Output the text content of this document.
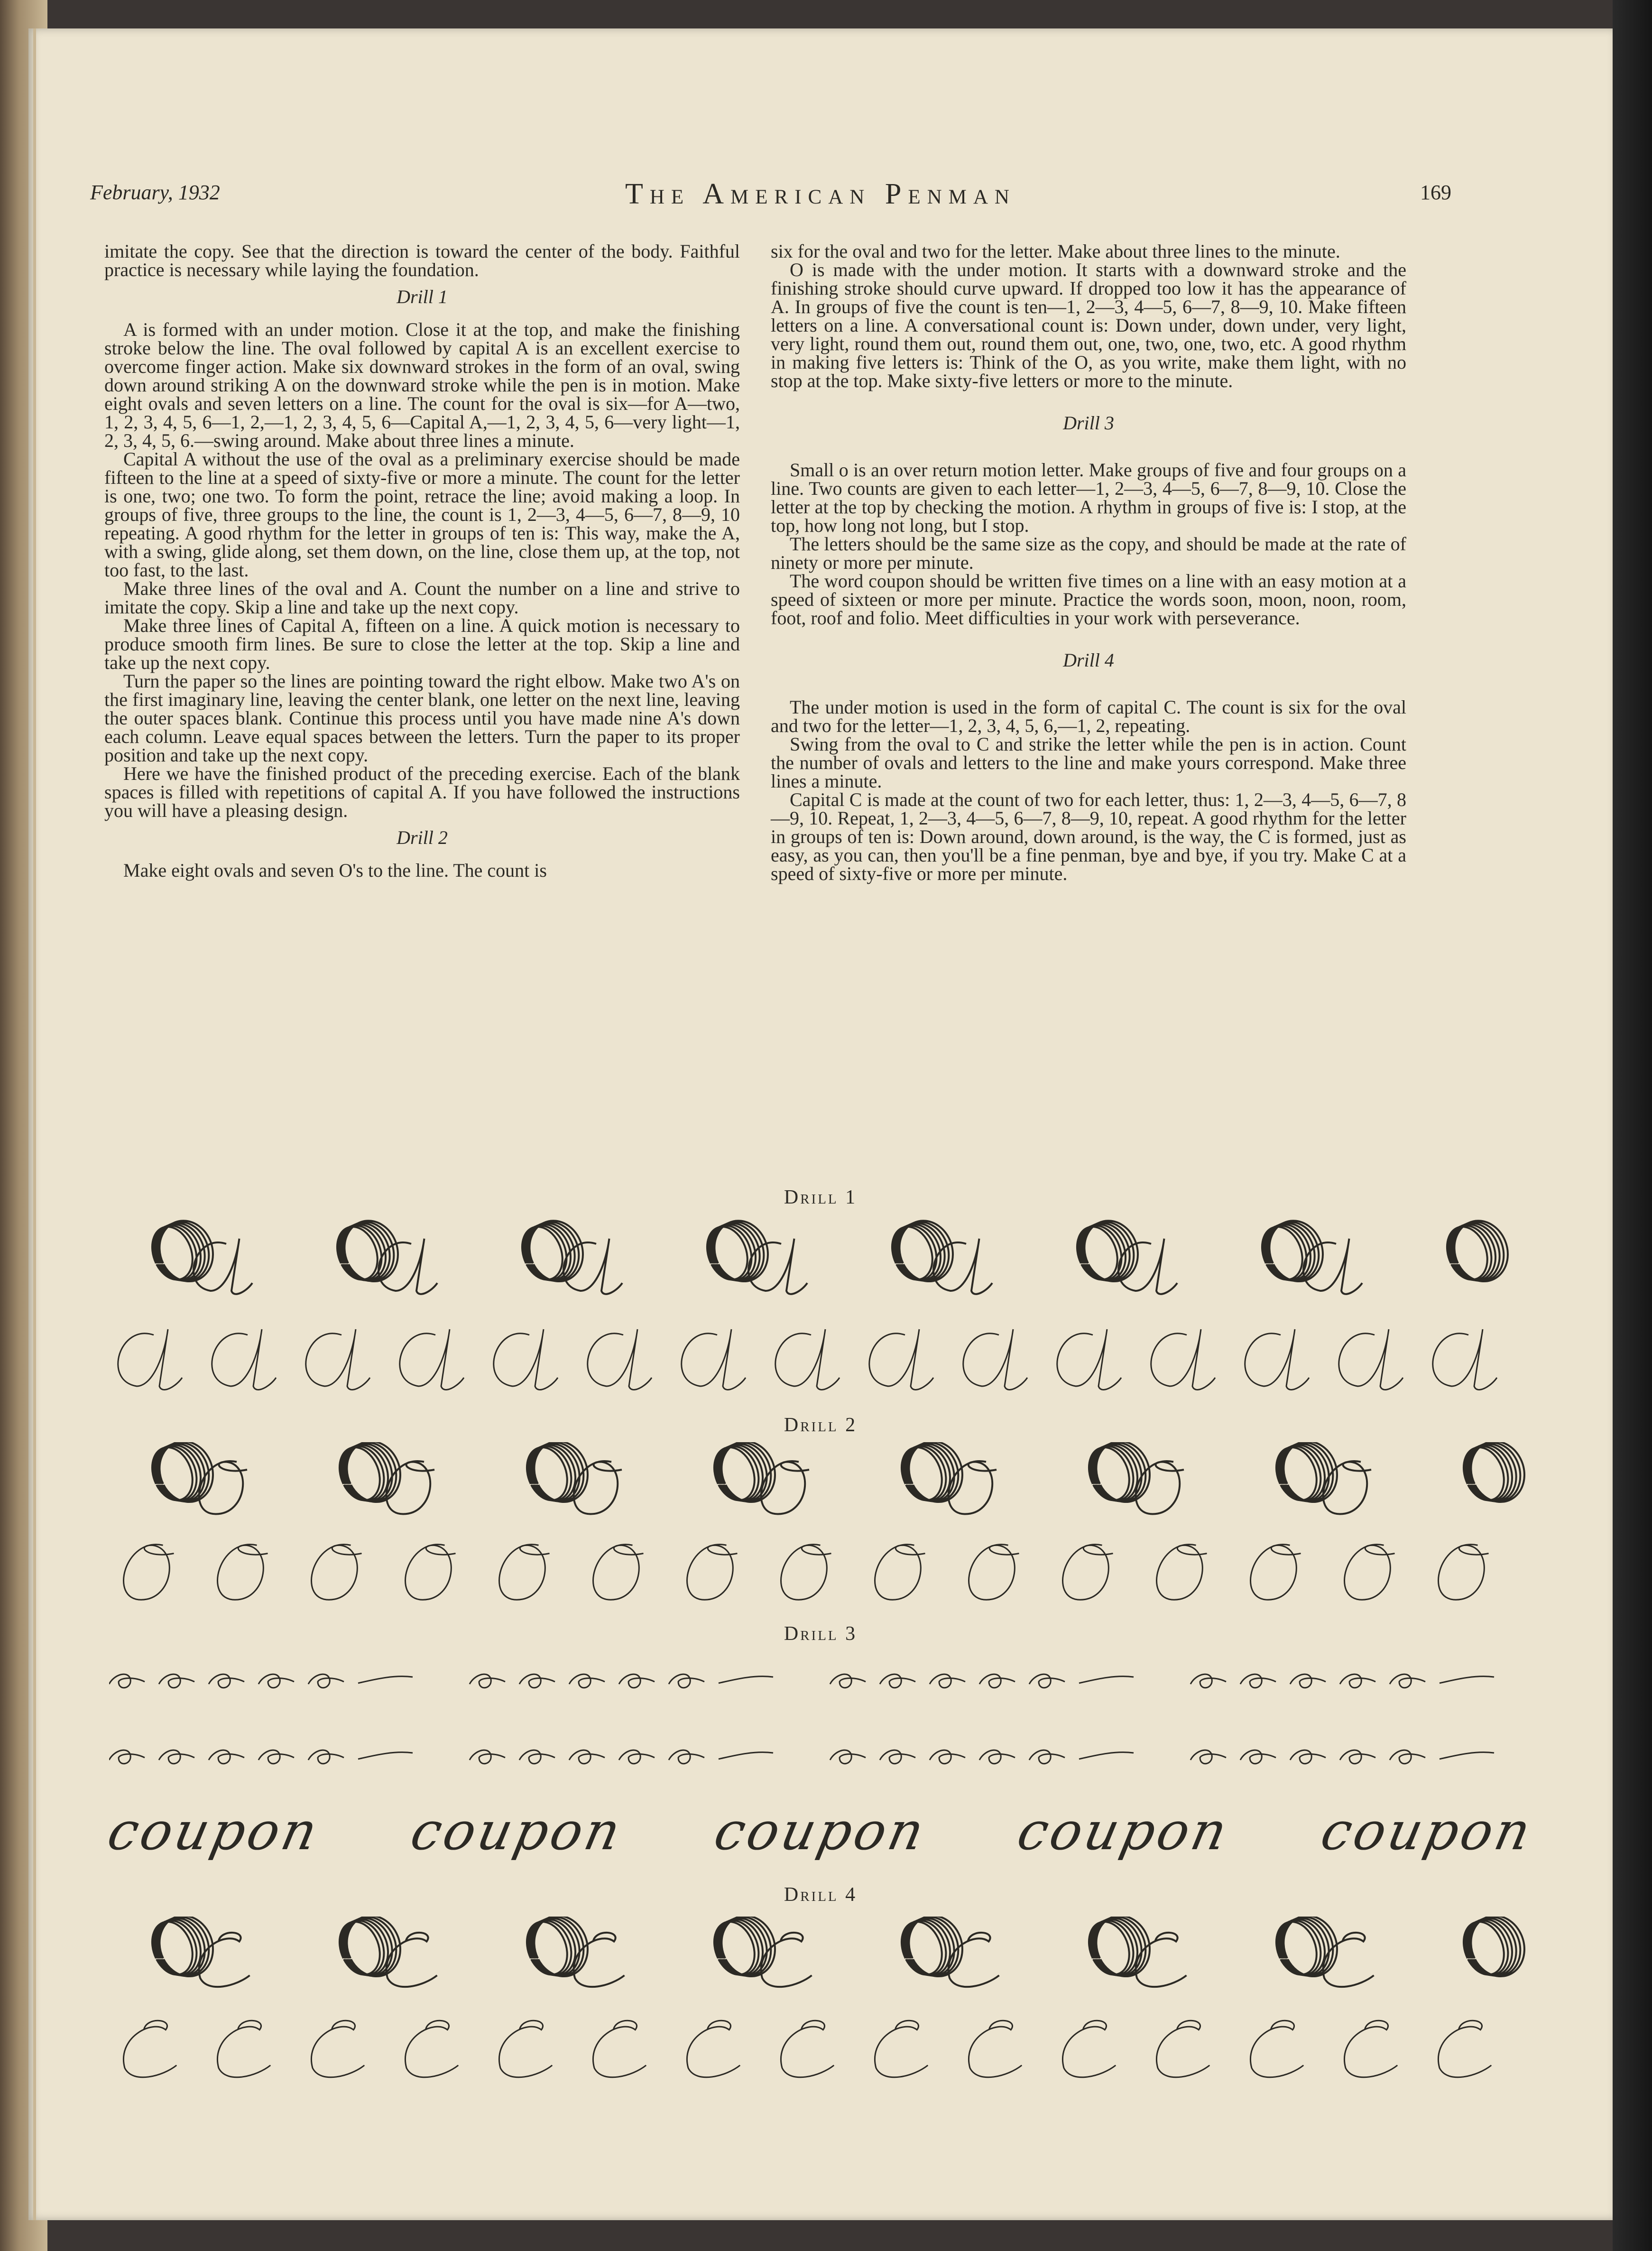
February, 1932	The American Penman	169

imitate the copy. See that the direction is toward the center of the body. Faithful practice is necessary while laying the foundation.

Drill 1

A is formed with an under motion. Close it at the top, and make the finishing stroke below the line. The oval followed by capital A is an excellent exercise to overcome finger action. Make six downward strokes in the form of an oval, swing down around striking A on the downward stroke while the pen is in motion. Make eight ovals and seven letters on a line. The count for the oval is six—for A—two, 1, 2, 3, 4, 5, 6—1, 2,—1, 2, 3, 4, 5, 6—Capital A,—1, 2, 3, 4, 5, 6—very light—1, 2, 3, 4, 5, 6.—swing around. Make about three lines a minute.

Capital A without the use of the oval as a preliminary exercise should be made fifteen to the line at a speed of sixty-five or more a minute. The count for the letter is one, two; one two. To form the point, retrace the line; avoid making a loop. In groups of five, three groups to the line, the count is 1, 2—3, 4—5, 6—7, 8—9, 10 repeating. A good rhythm for the letter in groups of ten is: This way, make the A, with a swing, glide along, set them down, on the line, close them up, at the top, not too fast, to the last.

Make three lines of the oval and A. Count the number on a line and strive to imitate the copy. Skip a line and take up the next copy.

Make three lines of Capital A, fifteen on a line. A quick motion is necessary to produce smooth firm lines. Be sure to close the letter at the top. Skip a line and take up the next copy.

Turn the paper so the lines are pointing toward the right elbow. Make two A's on the first imaginary line, leaving the center blank, one letter on the next line, leaving the outer spaces blank. Continue this process until you have made nine A's down each column. Leave equal spaces between the letters. Turn the paper to its proper position and take up the next copy.

Here we have the finished product of the preceding exercise. Each of the blank spaces is filled with repetitions of capital A. If you have followed the instructions you will have a pleasing design.

Drill 2

Make eight ovals and seven O's to the line. The count is

six for the oval and two for the letter. Make about three lines to the minute.

O is made with the under motion. It starts with a downward stroke and the finishing stroke should curve upward. If dropped too low it has the appearance of A. In groups of five the count is ten—1, 2—3, 4—5, 6—7, 8—9, 10. Make fifteen letters on a line. A conversational count is: Down under, down under, very light, very light, round them out, round them out, one, two, one, two, etc. A good rhythm in making five letters is: Think of the O, as you write, make them light, with no stop at the top. Make sixty-five letters or more to the minute.

Drill 3

Small o is an over return motion letter. Make groups of five and four groups on a line. Two counts are given to each letter—1, 2—3, 4—5, 6—7, 8—9, 10. Close the letter at the top by checking the motion. A rhythm in groups of five is: I stop, at the top, how long not long, but I stop.

The letters should be the same size as the copy, and should be made at the rate of ninety or more per minute.

The word coupon should be written five times on a line with an easy motion at a speed of sixteen or more per minute. Practice the words soon, moon, noon, room, foot, roof and folio. Meet difficulties in your work with perseverance.

Drill 4

The under motion is used in the form of capital C. The count is six for the oval and two for the letter—1, 2, 3, 4, 5, 6,—1, 2, repeating.

Swing from the oval to C and strike the letter while the pen is in action. Count the number of ovals and letters to the line and make yours correspond. Make three lines a minute.

Capital C is made at the count of two for each letter, thus: 1, 2—3, 4—5, 6—7, 8—9, 10. Repeat, 1, 2—3, 4—5, 6—7, 8—9, 10, repeat. A good rhythm for the letter in groups of ten is: Down around, down around, is the way, the C is formed, just as easy, as you can, then you'll be a fine penman, bye and bye, if you try. Make C at a speed of sixty-five or more per minute.

Drill 1
Drill 2
Drill 3
coupon coupon coupon coupon coupon
Drill 4
